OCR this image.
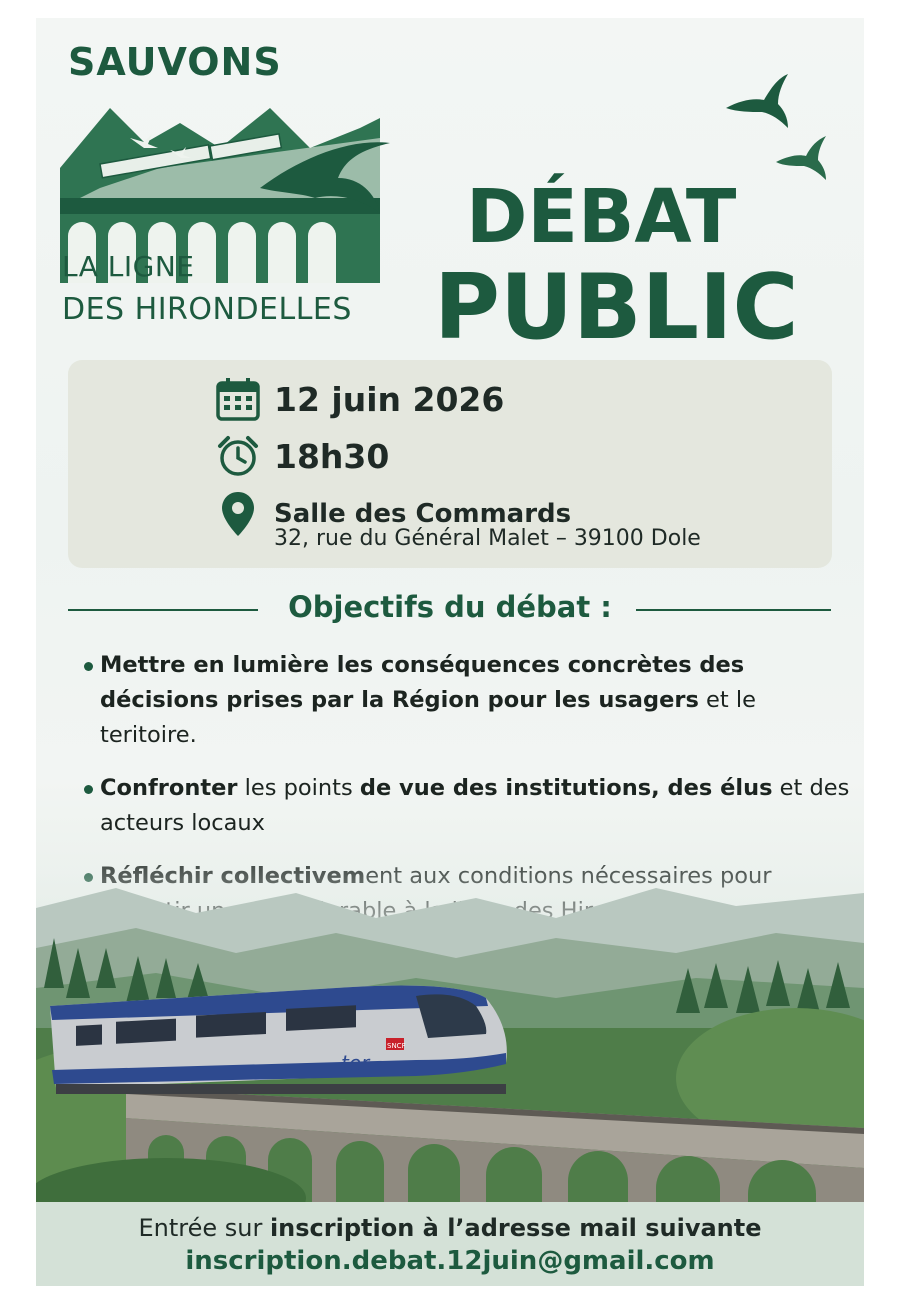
SAUVONS
LA LIGNE
DES HIRONDELLES
DÉBAT
PUBLIC
12 juin 2026
18h30
Salle des Commards
32, rue du Général Malet – 39100 Dole
Objectifs du débat :
Mettre en lumière les conséquences concrètes des décisions prises par la Région pour les usagers et le teritoire.
Confronter les points de vue des institutions, des élus et des acteurs locaux
SNCF
ter
Entrée sur inscription à l’adresse mail suivante
inscription.debat.12juin@gmail.com
